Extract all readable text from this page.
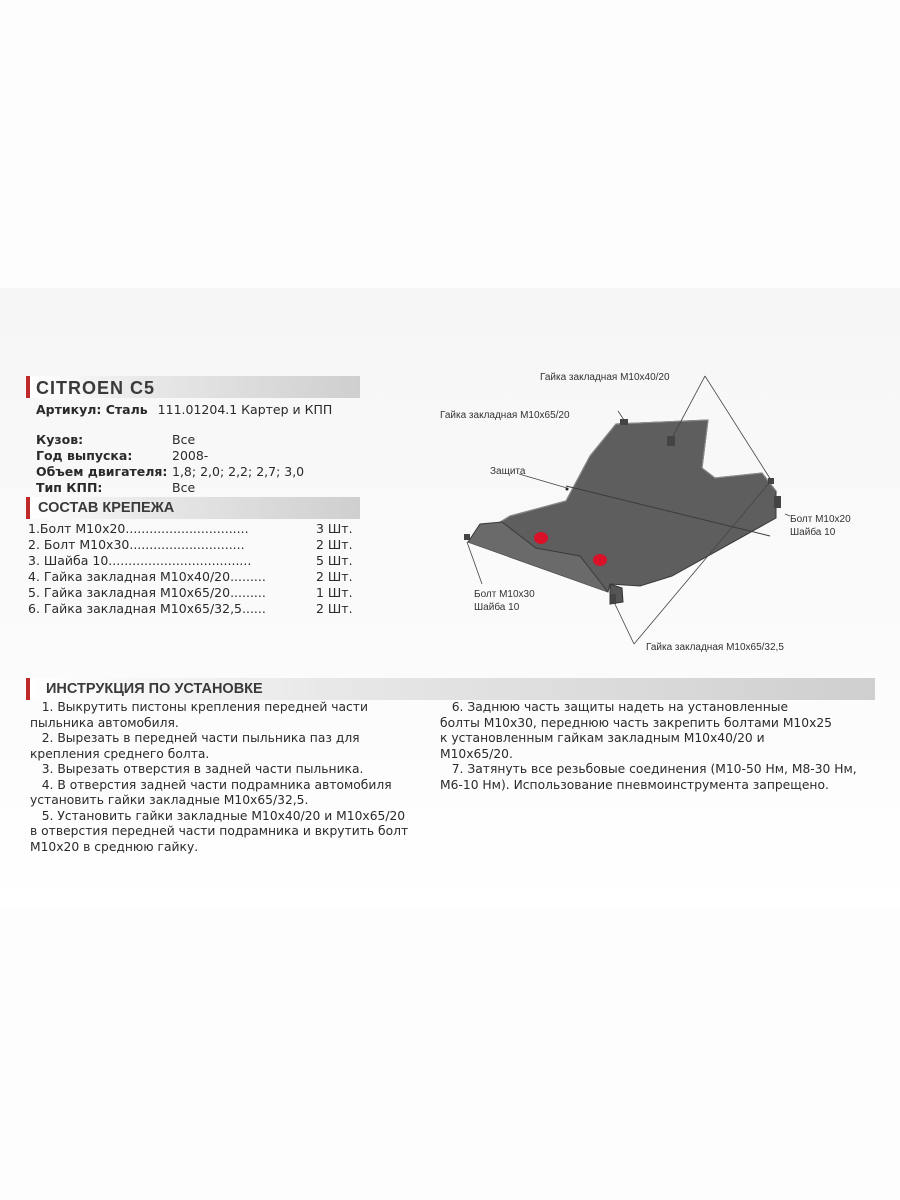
CITROEN C5
Артикул: Сталь 111.01204.1 Картер и КПП
Кузов:	Все
Год выпуска:	2008-
Объем двигателя: 1,8; 2,0; 2,2; 2,7; 3,0
Тип КПП:	Все
СОСТАВ КРЕПЕЖА
1.Болт М10х20...............................	3 Шт.
2. Болт М10х30.............................	2 Шт.
3. Шайба 10....................................	5 Шт.
4. Гайка закладная М10х40/20.........	2 Шт.
5. Гайка закладная М10х65/20.........	1 Шт.
6. Гайка закладная М10х65/32,5......	2 Шт.
Гайка закладная М10х40/20
Гайка закладная М10х65/20
Защита
Болт М10х20
Шайба 10
Болт М10х30
Шайба 10
Гайка закладная М10х65/32,5
ИНСТРУКЦИЯ ПО УСТАНОВКЕ

1. Выкрутить пистоны крепления передней части

пыльника автомобиля.

2. Вырезать в передней части пыльника паз для

крепления среднего болта.

3. Вырезать отверстия в задней части пыльника.

4. В отверстия задней части подрамника автомобиля

установить гайки закладные М10х65/32,5.

5. Установить гайки закладные М10х40/20 и М10х65/20

в отверстия передней части подрамника и вкрутить болт

М10х20 в среднюю гайку.

6. Заднюю часть защиты надеть на установленные

болты М10х30, переднюю часть закрепить болтами М10х25

к установленным гайкам закладным М10х40/20 и

М10х65/20.

7. Затянуть все резьбовые соединения (М10-50 Нм, М8-30 Нм,

М6-10 Нм). Использование пневмоинструмента запрещено.
